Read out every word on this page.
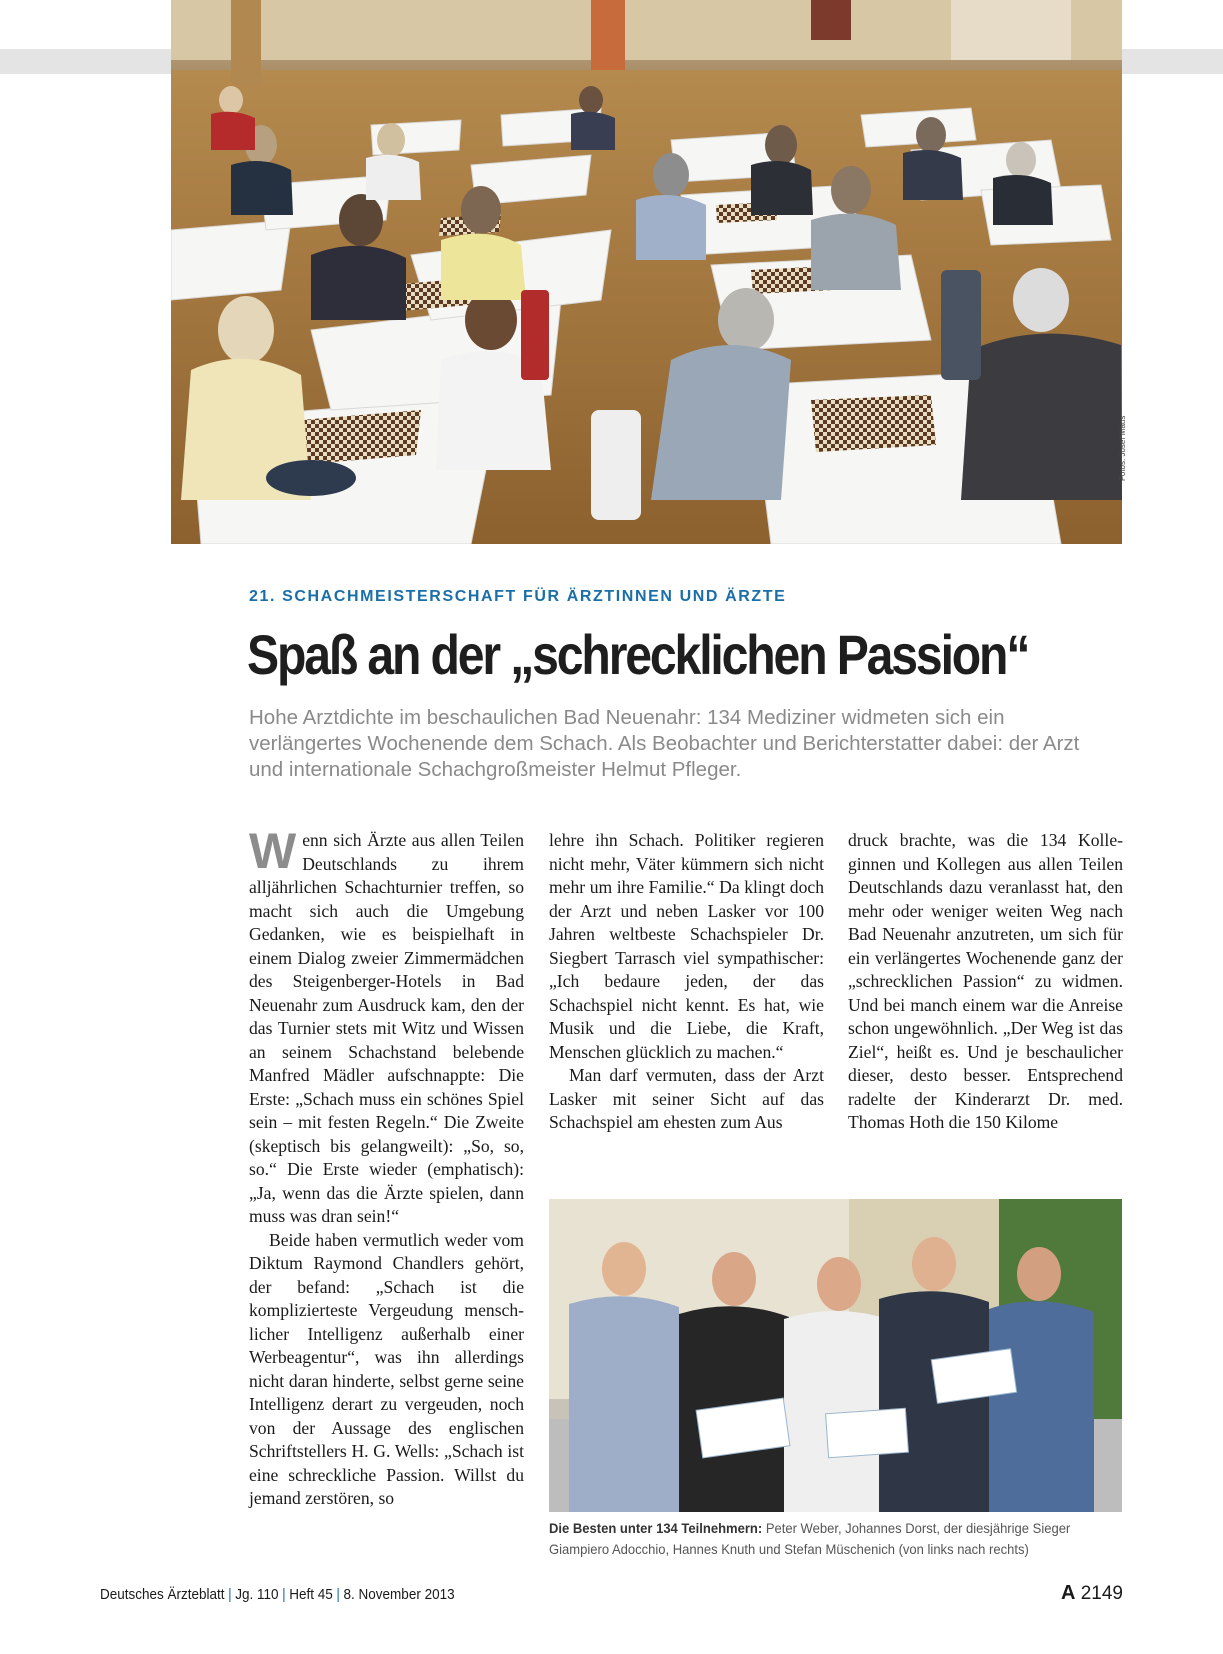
Fotos: Josef Maus
21. SCHACHMEISTERSCHAFT FÜR ÄRZTINNEN UND ÄRZTE
Spaß an der „schrecklichen Passion“

Hohe Arztdichte im beschaulichen Bad Neuenahr: 134 Mediziner widmeten sich ein verlängertes Wochenende dem Schach. Als Beobachter und Berichterstatter dabei: der Arzt und internationale Schachgroßmeister Helmut Pfleger.

Wenn sich Ärzte aus allen Teilen Deutschlands zu ihrem alljährlichen Schachturnier treffen, so macht sich auch die Umgebung Gedanken, wie es beispielhaft in einem Dialog zweier Zimmermädchen des Steigenberger-Hotels in Bad Neuenahr zum Ausdruck kam, den der das Turnier stets mit Witz und Wissen an seinem Schachstand belebende Manfred Mädler aufschnappte: Die Erste: „Schach muss ein schönes Spiel sein – mit festen Regeln.“ Die Zweite (skeptisch bis gelangweilt): „So, so, so.“ Die Erste wieder (emphatisch): „Ja, wenn das die Ärzte spielen, dann muss was dran sein!“

Beide haben vermutlich weder vom Diktum Raymond Chandlers gehört, der befand: „Schach ist die komplizierteste Vergeudung menschlicher Intelligenz außerhalb einer Werbeagentur“, was ihn allerdings nicht daran hinderte, selbst gerne seine Intelligenz derart zu vergeuden, noch von der Aussage des englischen Schriftstellers H. G. Wells: „Schach ist eine schreckliche Passion. Willst du jemand zerstören, so

lehre ihn Schach. Politiker regieren nicht mehr, Väter kümmern sich nicht mehr um ihre Familie.“ Da klingt doch der Arzt und neben Lasker vor 100 Jahren weltbeste Schachspieler Dr. Siegbert Tarrasch viel sympathischer: „Ich bedaure jeden, der das Schachspiel nicht kennt. Es hat, wie Musik und die Liebe, die Kraft, Menschen glücklich zu machen.“

Man darf vermuten, dass der Arzt Lasker mit seiner Sicht auf das Schachspiel am ehesten zum Aus

druck brachte, was die 134 Kolleginnen und Kollegen aus allen Teilen Deutschlands dazu veranlasst hat, den mehr oder weniger weiten Weg nach Bad Neuenahr anzutreten, um sich für ein verlängertes Wochenende ganz der „schrecklichen Passion“ zu widmen. Und bei manch einem war die Anreise schon ungewöhnlich. „Der Weg ist das Ziel“, heißt es. Und je beschaulicher dieser, desto besser. Entsprechend radelte der Kinderarzt Dr. med. Thomas Hoth die 150 Kilome

Die Besten unter 134 Teilnehmern: Peter Weber, Johannes Dorst, der diesjährige Sieger Giampiero Adocchio, Hannes Knuth und Stefan Müschenich (von links nach rechts)

Deutsches Ärzteblatt | Jg. 110 | Heft 45 | 8. November 2013	A 2149
